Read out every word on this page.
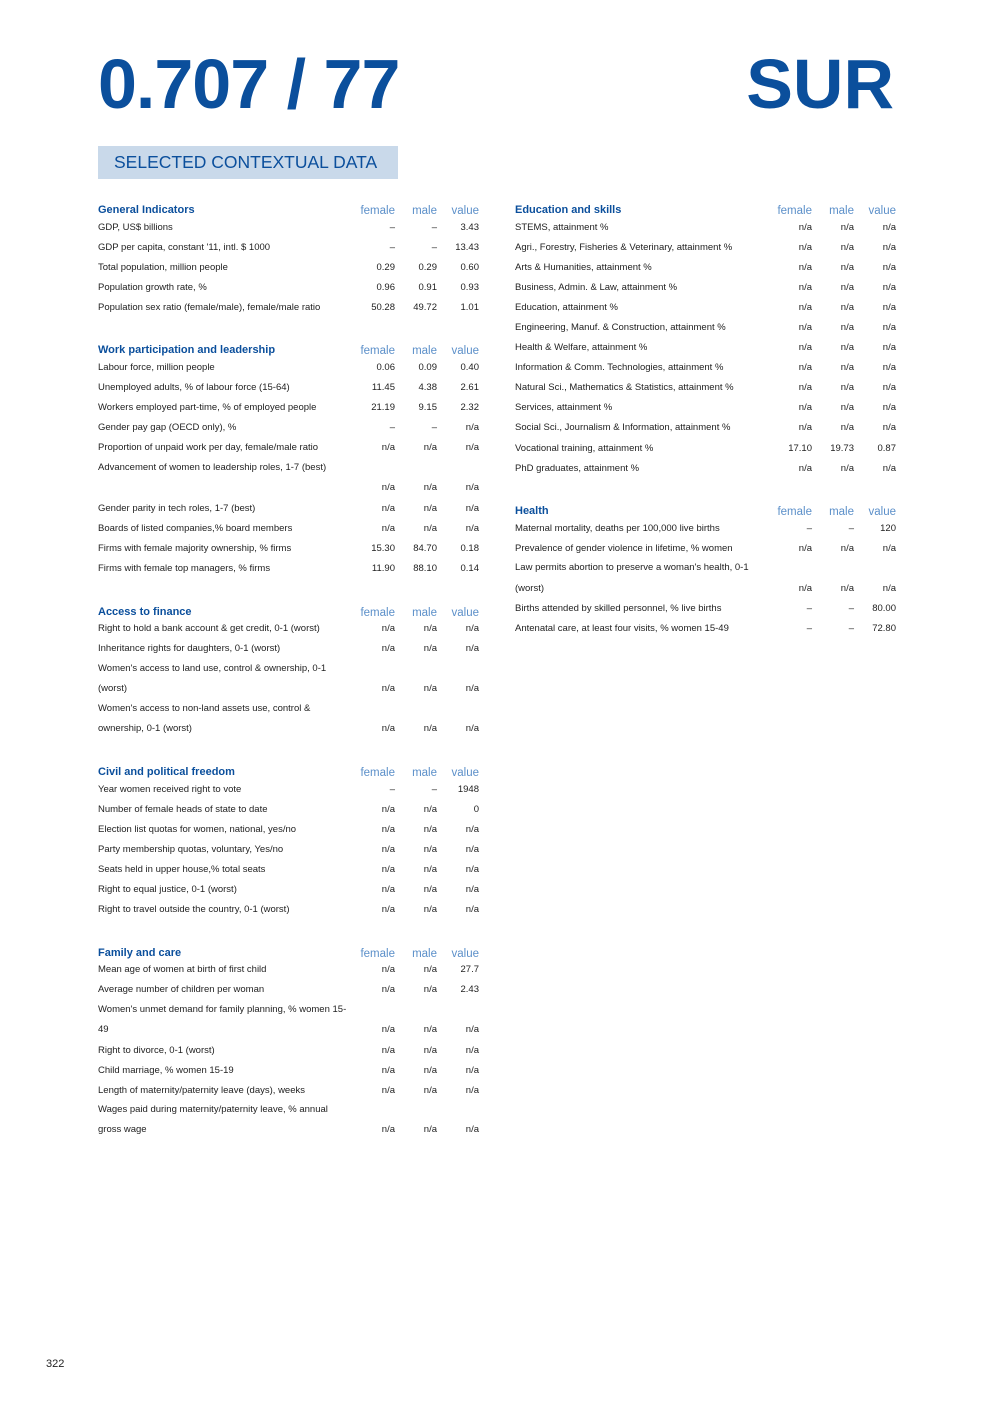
0.707 / 77	SUR
SELECTED CONTEXTUAL DATA
General Indicators	female	male	value
GDP, US$ billions	–	–	3.43
GDP per capita, constant '11, intl. $ 1000	–	–	13.43
Total population, million people	0.29	0.29	0.60
Population growth rate, %	0.96	0.91	0.93
Population sex ratio (female/male), female/male ratio	50.28	49.72	1.01
Work participation and leadership	female	male	value
Labour force, million people	0.06	0.09	0.40
Unemployed adults, % of labour force (15-64)	11.45	4.38	2.61
Workers employed part-time, % of employed people	21.19	9.15	2.32
Gender pay gap (OECD only), %	–	–	n/a
Proportion of unpaid work per day, female/male ratio	n/a	n/a	n/a
Advancement of women to leadership roles, 1-7 (best)
n/a	n/a	n/a
Gender parity in tech roles, 1-7 (best)	n/a	n/a	n/a
Boards of listed companies,% board members	n/a	n/a	n/a
Firms with female majority ownership, % firms	15.30	84.70	0.18
Firms with female top managers, % firms	11.90	88.10	0.14
Access to finance	female	male	value
Right to hold a bank account & get credit, 0-1 (worst)	n/a	n/a	n/a
Inheritance rights for daughters, 0-1 (worst)	n/a	n/a	n/a
Women's access to land use, control & ownership, 0-1 (worst)	n/a	n/a	n/a
Women's access to non-land assets use, control & ownership, 0-1 (worst)	n/a	n/a	n/a
Civil and political freedom	female	male	value
Year women received right to vote	–	–	1948
Number of female heads of state to date	n/a	n/a	0
Election list quotas for women, national, yes/no	n/a	n/a	n/a
Party membership quotas, voluntary, Yes/no	n/a	n/a	n/a
Seats held in upper house,% total seats	n/a	n/a	n/a
Right to equal justice, 0-1 (worst)	n/a	n/a	n/a
Right to travel outside the country, 0-1 (worst)	n/a	n/a	n/a
Family and care	female	male	value
Mean age of women at birth of first child	n/a	n/a	27.7
Average number of children per woman	n/a	n/a	2.43
Women's unmet demand for family planning, % women 15-49	n/a	n/a	n/a
Right to divorce, 0-1 (worst)	n/a	n/a	n/a
Child marriage, % women 15-19	n/a	n/a	n/a
Length of maternity/paternity leave (days), weeks	n/a	n/a	n/a
Wages paid during maternity/paternity leave, % annual gross wage	n/a	n/a	n/a
Education and skills	female	male	value
STEMS, attainment %	n/a	n/a	n/a
Agri., Forestry, Fisheries & Veterinary, attainment %	n/a	n/a	n/a
Arts & Humanities, attainment %	n/a	n/a	n/a
Business, Admin. & Law, attainment %	n/a	n/a	n/a
Education, attainment %	n/a	n/a	n/a
Engineering, Manuf. & Construction, attainment %	n/a	n/a	n/a
Health & Welfare, attainment %	n/a	n/a	n/a
Information & Comm. Technologies, attainment %	n/a	n/a	n/a
Natural Sci., Mathematics & Statistics, attainment %	n/a	n/a	n/a
Services, attainment %	n/a	n/a	n/a
Social Sci., Journalism & Information, attainment %	n/a	n/a	n/a
Vocational training, attainment %	17.10	19.73	0.87
PhD graduates, attainment %	n/a	n/a	n/a
Health	female	male	value
Maternal mortality, deaths per 100,000 live births	–	–	120
Prevalence of gender violence in lifetime, % women	n/a	n/a	n/a
Law permits abortion to preserve a woman's health, 0-1 (worst)	n/a	n/a	n/a
Births attended by skilled personnel, % live births	–	–	80.00
Antenatal care, at least four visits, % women 15-49	–	–	72.80
322
